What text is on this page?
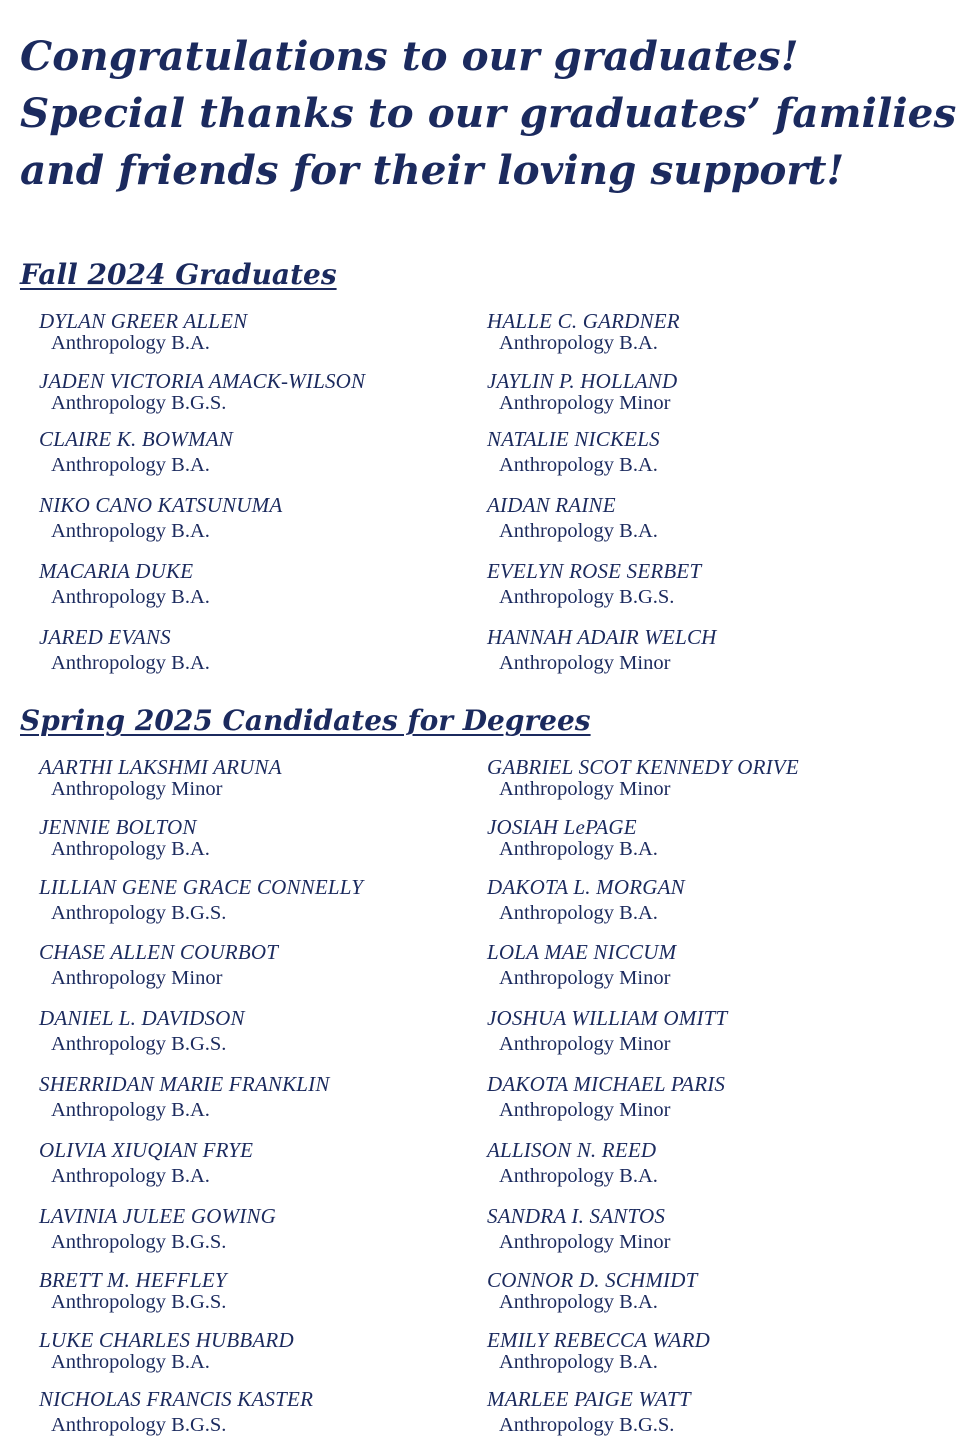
Congratulations to our graduates!
Special thanks to our graduates’ families
and friends for their loving support!
Fall 2024 Graduates
DYLAN GREER ALLEN
Anthropology B.A.
JADEN VICTORIA AMACK-WILSON
Anthropology B.G.S.
CLAIRE K. BOWMAN
Anthropology B.A.
NIKO CANO KATSUNUMA
Anthropology B.A.
MACARIA DUKE
Anthropology B.A.
JARED EVANS
Anthropology B.A.
HALLE C. GARDNER
Anthropology B.A.
JAYLIN P. HOLLAND
Anthropology Minor
NATALIE NICKELS
Anthropology B.A.
AIDAN RAINE
Anthropology B.A.
EVELYN ROSE SERBET
Anthropology B.G.S.
HANNAH ADAIR WELCH
Anthropology Minor
Spring 2025 Candidates for Degrees
AARTHI LAKSHMI ARUNA
Anthropology Minor
JENNIE BOLTON
Anthropology B.A.
LILLIAN GENE GRACE CONNELLY
Anthropology B.G.S.
CHASE ALLEN COURBOT
Anthropology Minor
DANIEL L. DAVIDSON
Anthropology B.G.S.
SHERRIDAN MARIE FRANKLIN
Anthropology B.A.
OLIVIA XIUQIAN FRYE
Anthropology B.A.
LAVINIA JULEE GOWING
Anthropology B.G.S.
BRETT M. HEFFLEY
Anthropology B.G.S.
LUKE CHARLES HUBBARD
Anthropology B.A.
NICHOLAS FRANCIS KASTER
Anthropology B.G.S.
GABRIEL SCOT KENNEDY ORIVE
Anthropology Minor
JOSIAH LePAGE
Anthropology B.A.
DAKOTA L. MORGAN
Anthropology B.A.
LOLA MAE NICCUM
Anthropology Minor
JOSHUA WILLIAM OMITT
Anthropology Minor
DAKOTA MICHAEL PARIS
Anthropology Minor
ALLISON N. REED
Anthropology B.A.
SANDRA I. SANTOS
Anthropology Minor
CONNOR D. SCHMIDT
Anthropology B.A.
EMILY REBECCA WARD
Anthropology B.A.
MARLEE PAIGE WATT
Anthropology B.G.S.
